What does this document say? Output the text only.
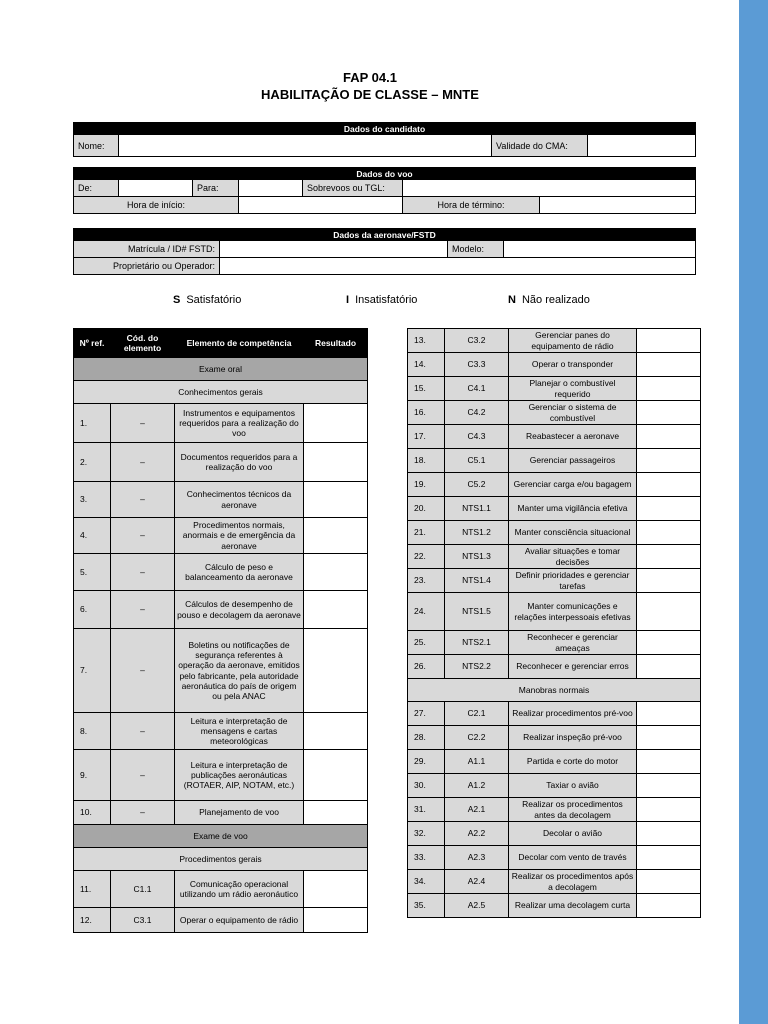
FAP 04.1
HABILITAÇÃO DE CLASSE – MNTE
Dados do candidato
Nome:		Validade do CMA:	
Dados do voo						
De:		Para:		Sobrevoos ou TGL:		
Hora de início:					Hora de término:	
Dados da aeronave/FSTD			
Matrícula / ID# FSTD:		Modelo:	
Proprietário ou Operador:			
S Satisfatório	I Insatisfatório	N Não realizado
Nº ref.	Cód. do elemento	Elemento de competência	Resultado
Exame oral			
Conhecimentos gerais			
1.	–	Instrumentos e equipamentos requeridos para a realização do voo	
2.	–	Documentos requeridos para a realização do voo	
3.	–	Conhecimentos técnicos da aeronave	
4.	–	Procedimentos normais, anormais e de emergência da aeronave	
5.	–	Cálculo de peso e balanceamento da aeronave	
6.	–	Cálculos de desempenho de pouso e decolagem da aeronave	
7.	–	Boletins ou notificações de segurança referentes à operação da aeronave, emitidos pelo fabricante, pela autoridade aeronáutica do país de origem ou pela ANAC	
8.	–	Leitura e interpretação de mensagens e cartas meteorológicas	
9.	–	Leitura e interpretação de publicações aeronáuticas (ROTAER, AIP, NOTAM, etc.)	
10.	–	Planejamento de voo	
Exame de voo			
Procedimentos gerais			
11.	C1.1	Comunicação operacional utilizando um rádio aeronáutico	
12.	C3.1	Operar o equipamento de rádio	
13.	C3.2	Gerenciar panes do equipamento de rádio	
14.	C3.3	Operar o transponder	
15.	C4.1	Planejar o combustível requerido	
16.	C4.2	Gerenciar o sistema de combustível	
17.	C4.3	Reabastecer a aeronave	
18.	C5.1	Gerenciar passageiros	
19.	C5.2	Gerenciar carga e/ou bagagem	
20.	NTS1.1	Manter uma vigilância efetiva	
21.	NTS1.2	Manter consciência situacional	
22.	NTS1.3	Avaliar situações e tomar decisões	
23.	NTS1.4	Definir prioridades e gerenciar tarefas	
24.	NTS1.5	Manter comunicações e relações interpessoais efetivas	
25.	NTS2.1	Reconhecer e gerenciar ameaças	
26.	NTS2.2	Reconhecer e gerenciar erros	
Manobras normais			
27.	C2.1	Realizar procedimentos pré-voo	
28.	C2.2	Realizar inspeção pré-voo	
29.	A1.1	Partida e corte do motor	
30.	A1.2	Taxiar o avião	
31.	A2.1	Realizar os procedimentos antes da decolagem	
32.	A2.2	Decolar o avião	
33.	A2.3	Decolar com vento de través	
34.	A2.4	Realizar os procedimentos após a decolagem	
35.	A2.5	Realizar uma decolagem curta	
